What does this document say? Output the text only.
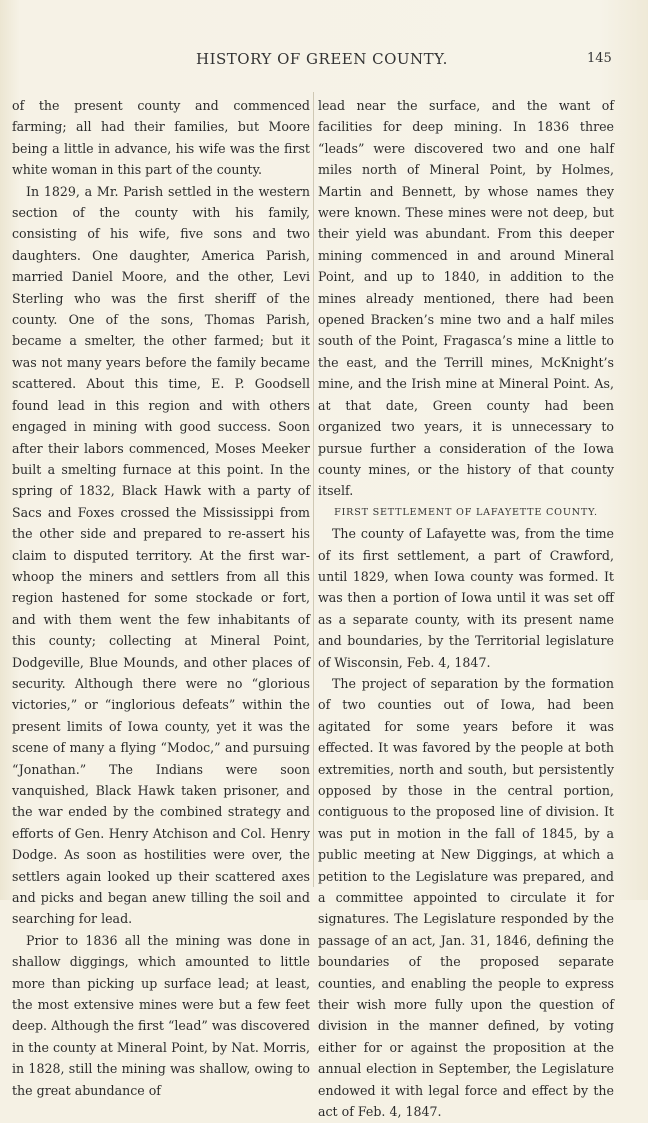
HISTORY OF GREEN COUNTY.	145

of the present county and commenced farming; all had their families, but Moore being a little in advance, his wife was the first white woman in this part of the county.

In 1829, a Mr. Parish settled in the western section of the county with his family, consisting of his wife, five sons and two daughters. One daughter, America Parish, married Daniel Moore, and the other, Levi Sterling who was the first sheriff of the county. One of the sons, Thomas Parish, became a smelter, the other farmed; but it was not many years before the family became scattered. About this time, E. P. Goodsell found lead in this region and with others engaged in mining with good success. Soon after their labors commenced, Moses Meeker built a smelting furnace at this point. In the spring of 1832, Black Hawk with a party of Sacs and Foxes crossed the Mississippi from the other side and prepared to re-assert his claim to disputed territory. At the first war-whoop the miners and settlers from all this region hastened for some stockade or fort, and with them went the few inhabitants of this county; collecting at Mineral Point, Dodgeville, Blue Mounds, and other places of security. Although there were no “glorious victories,” or “inglorious defeats” within the present limits of Iowa county, yet it was the scene of many a flying “Modoc,” and pursuing “Jonathan.” The Indians were soon vanquished, Black Hawk taken prisoner, and the war ended by the combined strategy and efforts of Gen. Henry Atchison and Col. Henry Dodge. As soon as hostilities were over, the settlers again looked up their scattered axes and picks and began anew tilling the soil and searching for lead.

Prior to 1836 all the mining was done in shallow diggings, which amounted to little more than picking up surface lead; at least, the most extensive mines were but a few feet deep. Although the first “lead” was discovered in the county at Mineral Point, by Nat. Morris, in 1828, still the mining was shallow, owing to the great abundance of

lead near the surface, and the want of facilities for deep mining. In 1836 three “leads” were discovered two and one half miles north of Mineral Point, by Holmes, Martin and Bennett, by whose names they were known. These mines were not deep, but their yield was abundant. From this deeper mining commenced in and around Mineral Point, and up to 1840, in addition to the mines already mentioned, there had been opened Bracken’s mine two and a half miles south of the Point, Fragasca’s mine a little to the east, and the Terrill mines, McKnight’s mine, and the Irish mine at Mineral Point. As, at that date, Green county had been organized two years, it is unnecessary to pursue further a consideration of the Iowa county mines, or the history of that county itself.

FIRST SETTLEMENT OF LAFAYETTE COUNTY.

The county of Lafayette was, from the time of its first settlement, a part of Crawford, until 1829, when Iowa county was formed. It was then a portion of Iowa until it was set off as a separate county, with its present name and boundaries, by the Territorial legislature of Wisconsin, Feb. 4, 1847.

The project of separation by the formation of two counties out of Iowa, had been agitated for some years before it was effected. It was favored by the people at both extremities, north and south, but persistently opposed by those in the central portion, contiguous to the proposed line of division. It was put in motion in the fall of 1845, by a public meeting at New Diggings, at which a petition to the Legislature was prepared, and a committee appointed to circulate it for signatures. The Legislature responded by the passage of an act, Jan. 31, 1846, defining the boundaries of the proposed separate counties, and enabling the people to express their wish more fully upon the question of division in the manner defined, by voting either for or against the proposition at the annual election in September, the Legislature endowed it with legal force and effect by the act of Feb. 4, 1847.
